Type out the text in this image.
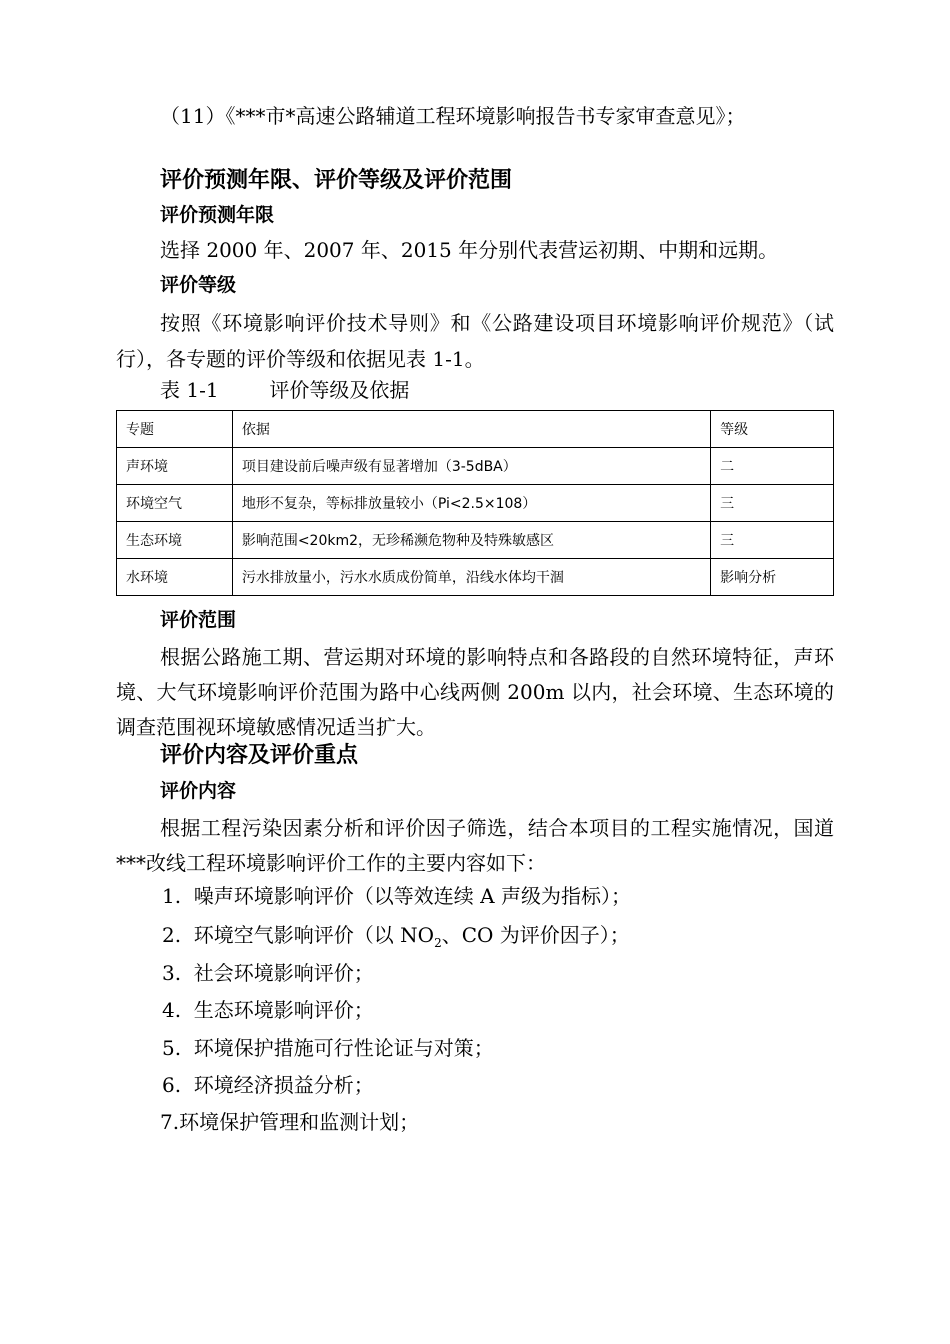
（11）《***市*高速公路辅道工程环境影响报告书专家审查意见》；
评价预测年限、评价等级及评价范围
评价预测年限
选择 2000 年、2007 年、2015 年分别代表营运初期、中期和远期。
评价等级
按照《环境影响评价技术导则》和《公路建设项目环境影响评价规范》（试行），各专题的评价等级和依据见表 1-1。
表 1-1        评价等级及依据
专题	依据	等级
声环境	项目建设前后噪声级有显著增加（3-5dBA）	二
环境空气	地形不复杂，等标排放量较小（Pi<2.5×108）	三
生态环境	影响范围<20km2，无珍稀濒危物种及特殊敏感区	三
水环境	污水排放量小，污水水质成份简单，沿线水体均干涸	影响分析
评价范围
根据公路施工期、营运期对环境的影响特点和各路段的自然环境特征，声环境、大气环境影响评价范围为路中心线两侧 200m 以内，社会环境、生态环境的调查范围视环境敏感情况适当扩大。
评价内容及评价重点
评价内容
根据工程污染因素分析和评价因子筛选，结合本项目的工程实施情况，国道***改线工程环境影响评价工作的主要内容如下：
1.  噪声环境影响评价（以等效连续 A 声级为指标）；
2.  环境空气影响评价（以 $NO_2$、CO 为评价因子）；
3.  社会环境影响评价；
4.  生态环境影响评价；
5.  环境保护措施可行性论证与对策；
6.  环境经济损益分析；
7.环境保护管理和监测计划；
